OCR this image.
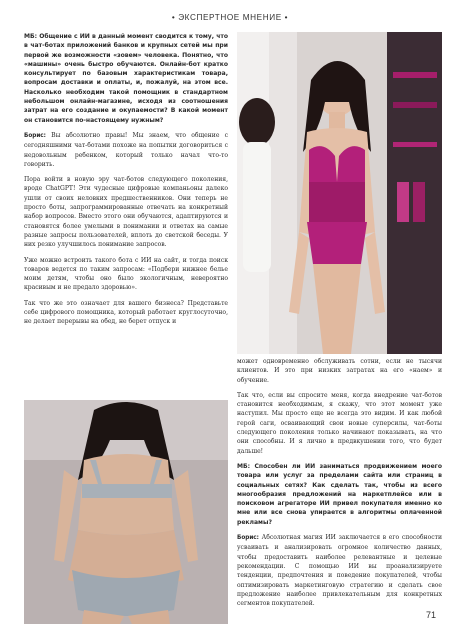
• ЭКСПЕРТНОЕ МНЕНИЕ •

МБ: Общение с ИИ в данный момент сводится к тому, что в чат-ботах приложений банков и крупных сетей мы при первой же возможности «зовем» человека. Понятно, что «машины» очень быстро обучаются. Онлайн-бот кратко консультирует по базовым характеристикам товара, вопросам доставки и оплаты, и, пожалуй, на этом все. Насколько необходим такой помощник в стандартном небольшом онлайн-магазине, исходя из соотношения затрат на его создание и окупаемости? В какой момент он становится по-настоящему нужным?

Борис: Вы абсолютно правы! Мы знаем, что общение с сегодняшними чат-ботами похоже на попытки договориться с недовольным ребенком, который только начал что-то говорить.

Пора войти в новую эру чат-ботов следующего поколения, вроде ChatGPT! Эти чудесные цифровые компаньоны далеко ушли от своих неловких предшественников. Они теперь не просто боты, запрограммированные отвечать на конкретный набор вопросов. Вместо этого они обучаются, адаптируются и становятся более умелыми в понимании и ответах на самые разные запросы пользователей, вплоть до светской беседы. У них резко улучшилось понимание запросов.

Уже можно встроить такого бота с ИИ на сайт, и тогда поиск товаров ведется по таким запросам: «Подбери нижнее белье моим детям, чтобы оно было экологичным, невероятно красивым и не предало здоровью».

Так что же это означает для вашего бизнеса? Представьте себе цифрового помощника, который работает круглосуточно, не делает перерывы на обед, не берет отпуск и

может одновременно обслуживать сотни, если не тысячи клиентов. И это при низких затратах на его «наем» и обучение.

Так что, если вы спросите меня, когда внедрение чат-ботов становится необходимым, я скажу, что этот момент уже наступил. Мы просто еще не всегда это видим. И как любой герой саги, осваивающий свои новые суперсилы, чат-боты следующего поколения только начинают показывать, на что они способны. И я лично в предвкушении того, что будет дальше!

МБ: Способен ли ИИ заниматься продвижением моего товара или услуг за пределами сайта или страниц в социальных сетях? Как сделать так, чтобы из всего многообразия предложений на маркетплейсе или в поисковом агрегаторе ИИ привел покупателя именно ко мне или все снова упирается в алгоритмы оплаченной рекламы?

Борис: Абсолютная магия ИИ заключается в его способности усваивать и анализировать огромное количество данных, чтобы предоставить наиболее релевантные и целевые рекомендации. С помощью ИИ вы проанализируете тенденции, предпочтения и поведение покупателей, чтобы оптимизировать маркетинговую стратегию и сделать свое предложение наиболее привлекательным для конкретных сегментов покупателей.

71
